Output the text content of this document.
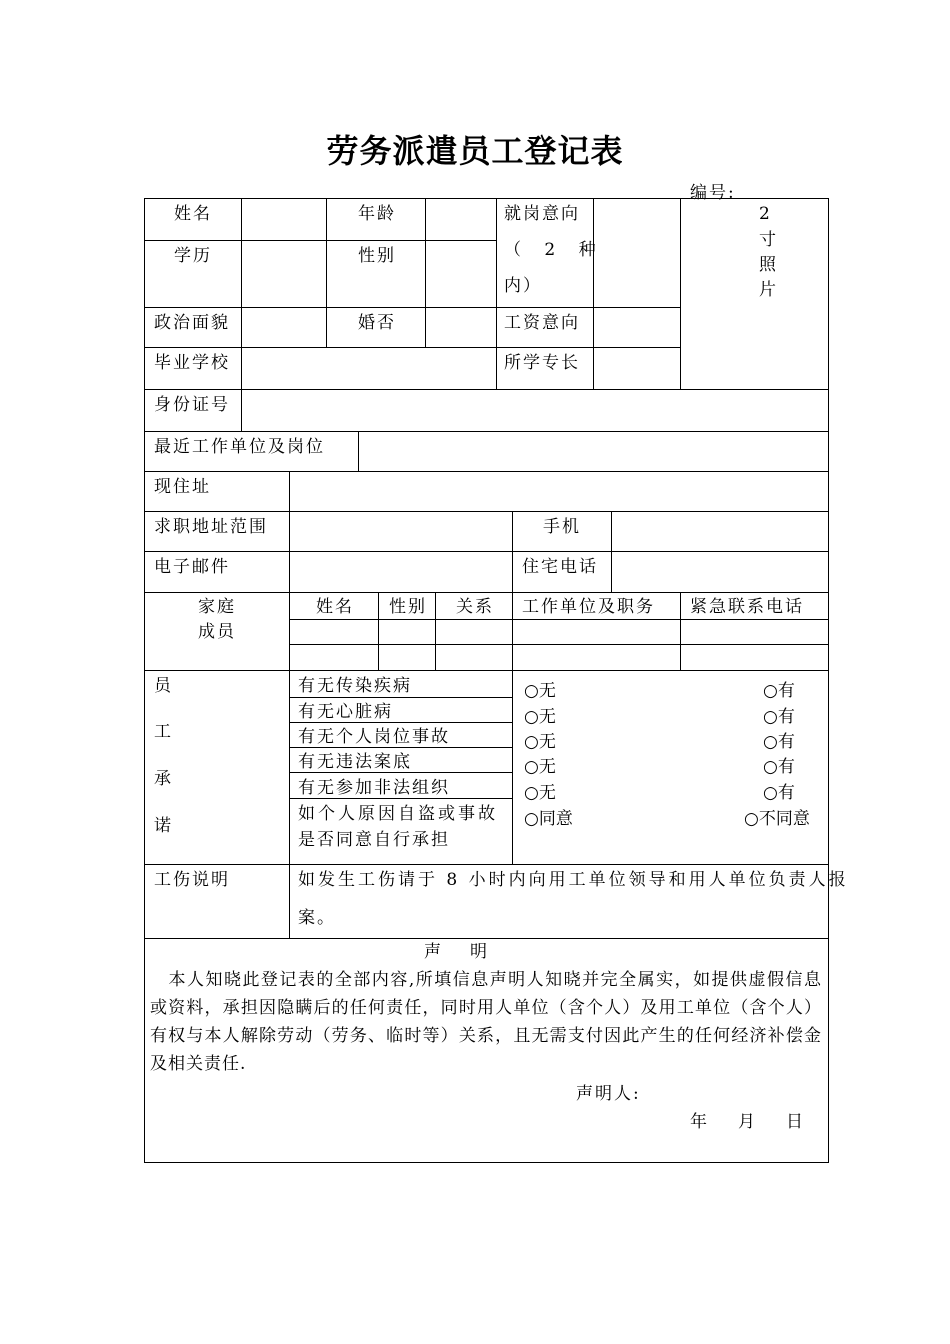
劳务派遣员工登记表
编号:
姓名	年龄	就岗意向
（ 2 种
内）
2
寸
照
片
学历	性别
政治面貌	婚否	工资意向
毕业学校	所学专长
身份证号
最近工作单位及岗位
现住址
求职地址范围	手机
电子邮件	住宅电话
家庭
成员
姓名 性别 关系 工作单位及职务 紧急联系电话
员
工
承
诺
有无传染疾病	○无	○有
有无心脏病	○无	○有
有无个人岗位事故	○无	○有
有无违法案底	○无	○有
有无参加非法组织	○无	○有
如个人原因自盗或事故
是否同意自行承担
○同意	○不同意
工伤说明	如发生工伤请于 8 小时内向用工单位领导和用人单位负责人报
案。
声　明
　本人知晓此登记表的全部内容,所填信息声明人知晓并完全属实，如提供虚假信息或资料，承担因隐瞒后的任何责任，同时用人单位（含个人）及用工单位（含个人）有权与本人解除劳动（劳务、临时等）关系，且无需支付因此产生的任何经济补偿金及相关责任.
声明人:
年 月 日
